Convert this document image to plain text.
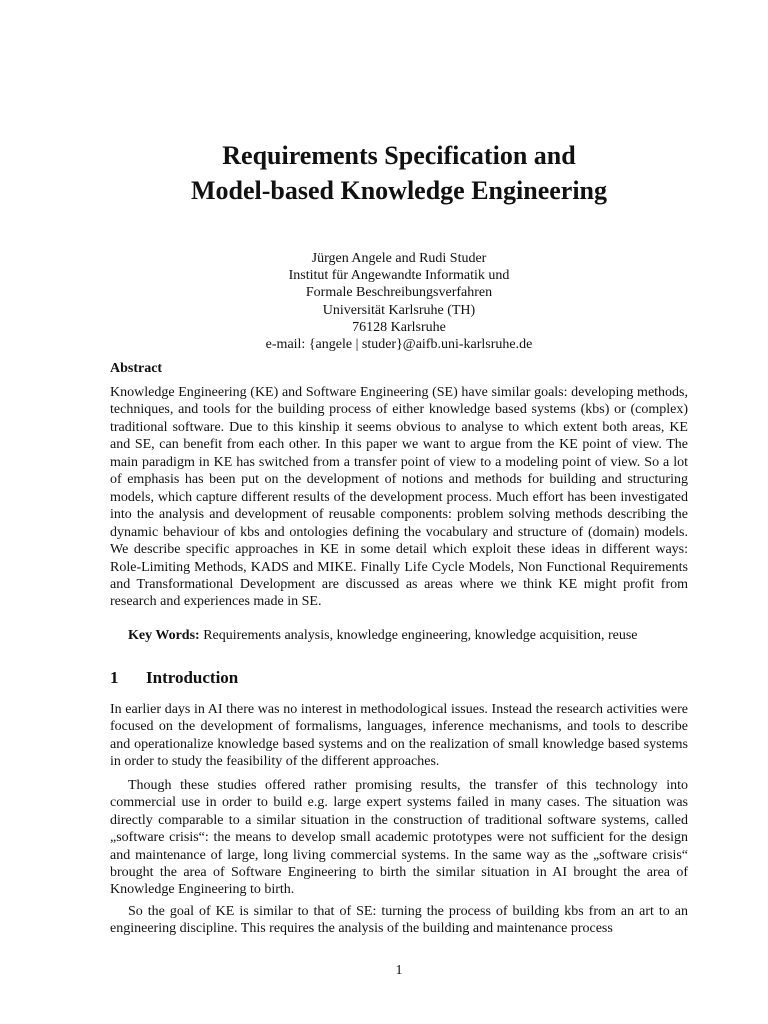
Requirements Specification and
Model-based Knowledge Engineering
Jürgen Angele and Rudi Studer
Institut für Angewandte Informatik und
Formale Beschreibungsverfahren
Universität Karlsruhe (TH)
76128 Karlsruhe
e-mail: {angele | studer}@aifb.uni-karlsruhe.de
Abstract

Knowledge Engineering (KE) and Software Engineering (SE) have similar goals: developing methods, techniques, and tools for the building process of either knowledge based systems (kbs) or (complex) traditional software. Due to this kinship it seems obvious to analyse to which extent both areas, KE and SE, can benefit from each other. In this paper we want to argue from the KE point of view. The main paradigm in KE has switched from a transfer point of view to a modeling point of view. So a lot of emphasis has been put on the development of notions and methods for building and structuring models, which capture different results of the development process. Much effort has been investigated into the analysis and development of reusable components: problem solving methods describing the dynamic behaviour of kbs and ontologies defining the vocabulary and structure of (domain) models. We describe specific approaches in KE in some detail which exploit these ideas in different ways: Role-Limiting Methods, KADS and MIKE. Finally Life Cycle Models, Non Functional Requirements and Transformational Development are discussed as areas where we think KE might profit from research and experiences made in SE.

Key Words: Requirements analysis, knowledge engineering, knowledge acquisition, reuse

1 Introduction

In earlier days in AI there was no interest in methodological issues. Instead the research activities were focused on the development of formalisms, languages, inference mechanisms, and tools to describe and operationalize knowledge based systems and on the realization of small knowledge based systems in order to study the feasibility of the different approaches.

Though these studies offered rather promising results, the transfer of this technology into commercial use in order to build e.g. large expert systems failed in many cases. The situation was directly comparable to a similar situation in the construction of traditional software systems, called „software crisis“: the means to develop small academic prototypes were not sufficient for the design and maintenance of large, long living commercial systems. In the same way as the „software crisis“ brought the area of Software Engineering to birth the similar situation in AI brought the area of Knowledge Engineering to birth.

So the goal of KE is similar to that of SE: turning the process of building kbs from an art to an engineering discipline. This requires the analysis of the building and maintenance process

1
